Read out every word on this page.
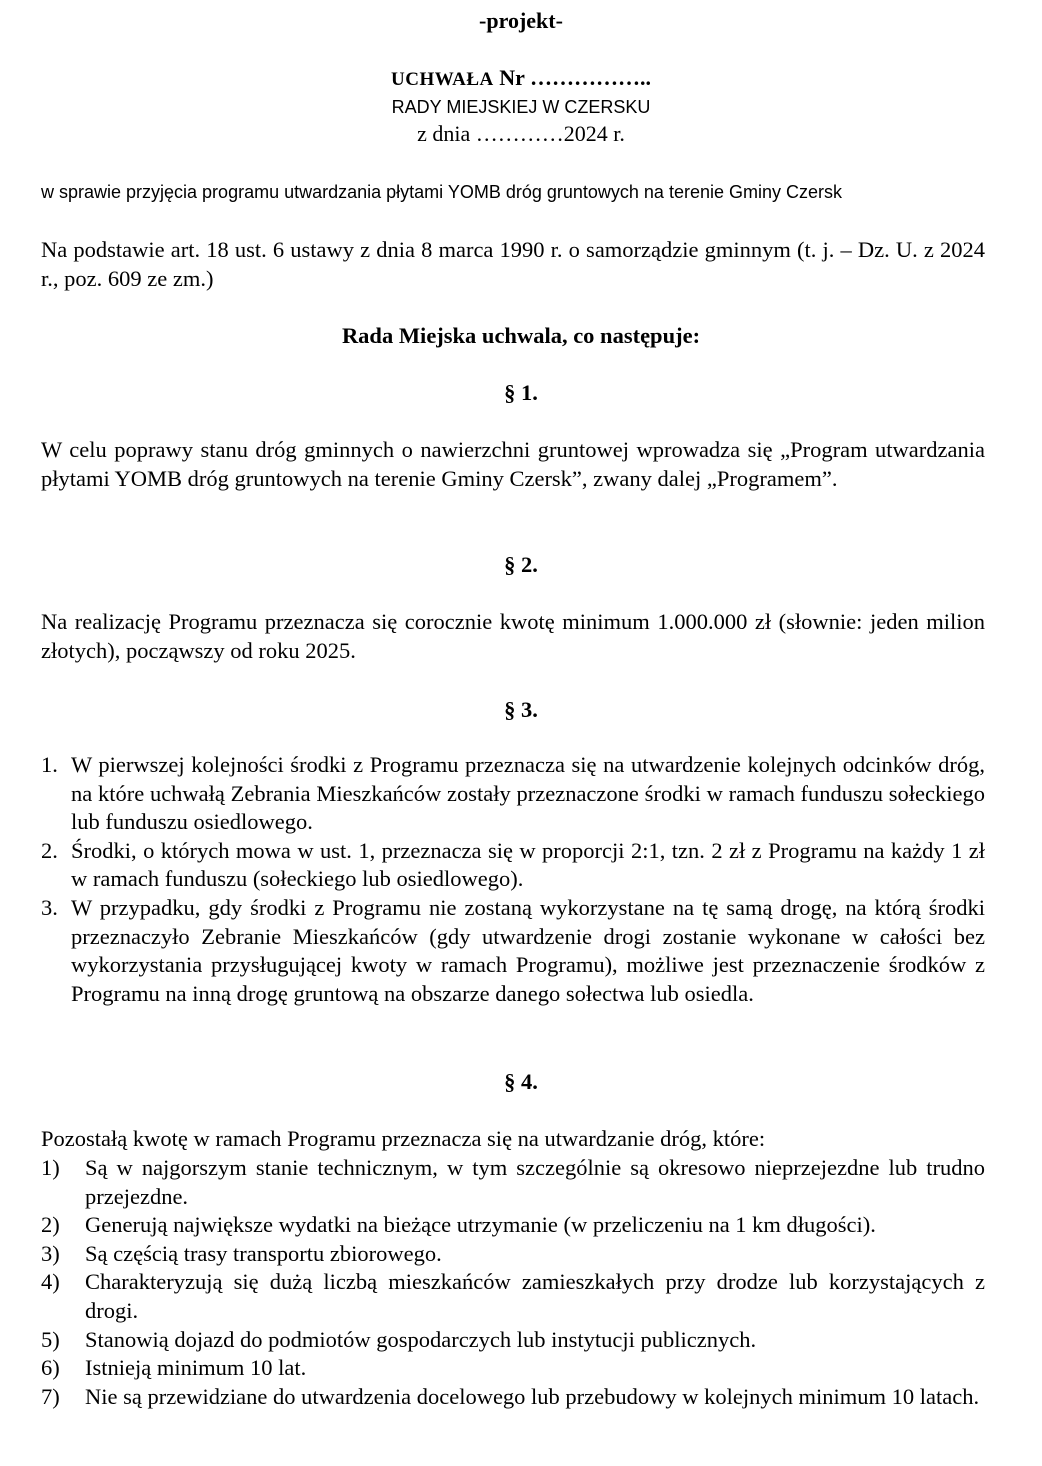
-projekt-
UCHWAŁA Nr ……………..
RADY MIEJSKIEJ W CZERSKU
z dnia …………2024 r.
w sprawie przyjęcia programu utwardzania płytami YOMB dróg gruntowych na terenie Gminy Czersk
Na podstawie art. 18 ust. 6 ustawy z dnia 8 marca 1990 r. o samorządzie gminnym (t. j. – Dz. U. z 2024 r., poz. 609 ze zm.)
Rada Miejska uchwala, co następuje:
§ 1.
W celu poprawy stanu dróg gminnych o nawierzchni gruntowej wprowadza się „Program utwardzania płytami YOMB dróg gruntowych na terenie Gminy Czersk”, zwany dalej „Programem”.
§ 2.
Na realizację Programu przeznacza się corocznie kwotę minimum 1.000.000 zł (słownie: jeden milion złotych), począwszy od roku 2025.
§ 3.
1. W pierwszej kolejności środki z Programu przeznacza się na utwardzenie kolejnych odcinków dróg, na które uchwałą Zebrania Mieszkańców zostały przeznaczone środki w ramach funduszu sołeckiego lub funduszu osiedlowego.
2. Środki, o których mowa w ust. 1, przeznacza się w proporcji 2:1, tzn. 2 zł z Programu na każdy 1 zł w ramach funduszu (sołeckiego lub osiedlowego).
3. W przypadku, gdy środki z Programu nie zostaną wykorzystane na tę samą drogę, na którą środki przeznaczyło Zebranie Mieszkańców (gdy utwardzenie drogi zostanie wykonane w całości bez wykorzystania przysługującej kwoty w ramach Programu), możliwe jest przeznaczenie środków z Programu na inną drogę gruntową na obszarze danego sołectwa lub osiedla.
§ 4.
Pozostałą kwotę w ramach Programu przeznacza się na utwardzanie dróg, które:
1) Są w najgorszym stanie technicznym, w tym szczególnie są okresowo nieprzejezdne lub trudno przejezdne.
2) Generują największe wydatki na bieżące utrzymanie (w przeliczeniu na 1 km długości).
3) Są częścią trasy transportu zbiorowego.
4) Charakteryzują się dużą liczbą mieszkańców zamieszkałych przy drodze lub korzystających z drogi.
5) Stanowią dojazd do podmiotów gospodarczych lub instytucji publicznych.
6) Istnieją minimum 10 lat.
7) Nie są przewidziane do utwardzenia docelowego lub przebudowy w kolejnych minimum 10 latach.
